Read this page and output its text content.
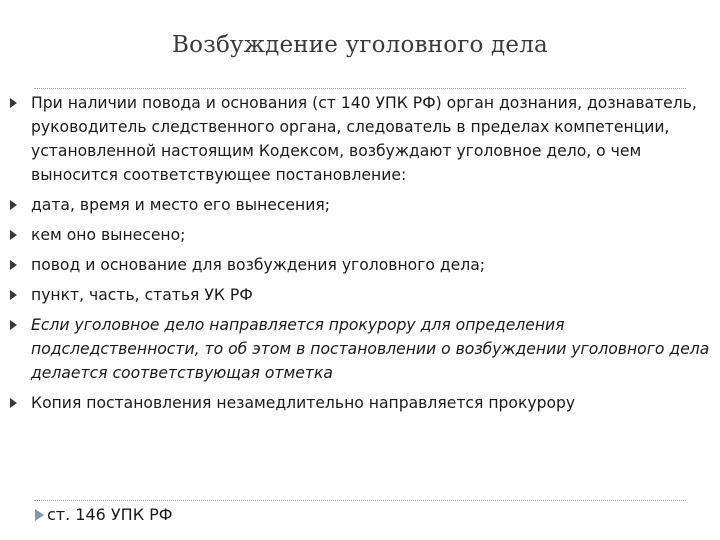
Возбуждение уголовного дела
При наличии повода и основания (ст 140 УПК РФ) орган дознания, дознаватель, руководитель следственного органа, следователь в пределах компетенции, установленной настоящим Кодексом, возбуждают уголовное дело, о чем выносится соответствующее постановление:
дата, время и место его вынесения;
кем оно вынесено;
повод и основание для возбуждения уголовного дела;
пункт, часть, статья УК РФ
Если уголовное дело направляется прокурору для определения подследственности, то об этом в постановлении о возбуждении уголовного дела делается соответствующая отметка
Копия постановления незамедлительно направляется прокурору
ст. 146 УПК РФ
